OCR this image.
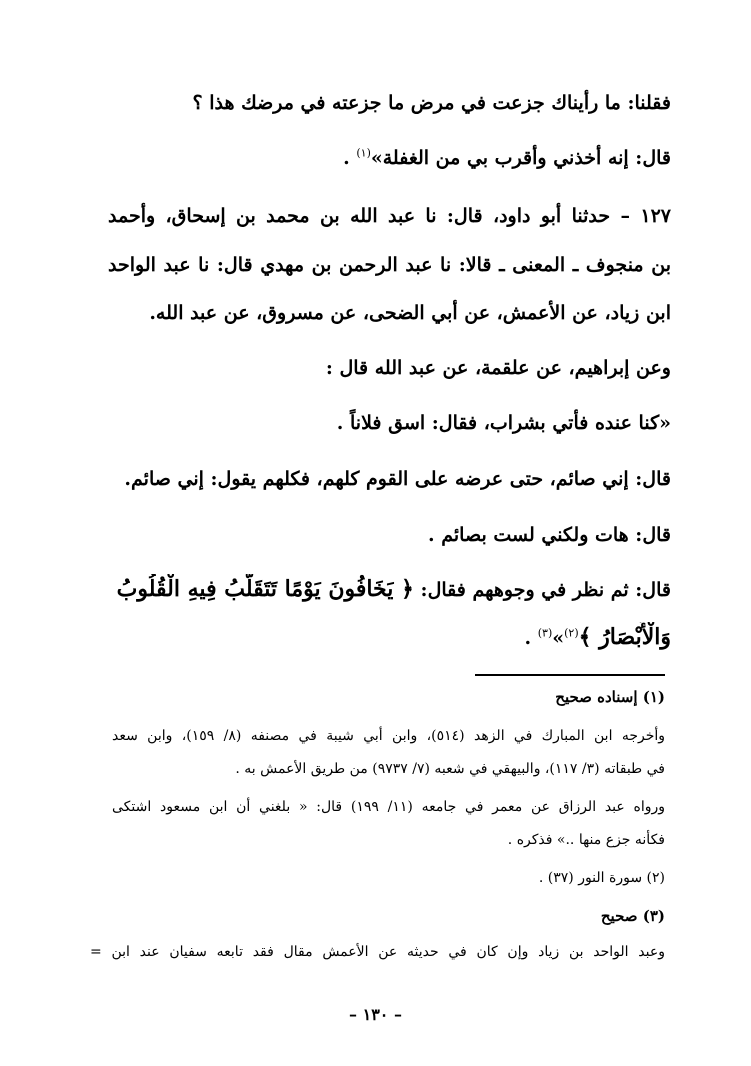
فقلنا: ما رأيناك جزعت في مرض ما جزعته في مرضك هذا ؟
قال: إنه أخذني وأقرب بي من الغفلة»$^{(١)}$ .
١٢٧ – حدثنا أبو داود، قال: نا عبد الله بن محمد بن إسحاق، وأحمد
بن منجوف ـ المعنى ـ قالا: نا عبد الرحمن بن مهدي قال: نا عبد الواحد
ابن زياد، عن الأعمش، عن أبي الضحى، عن مسروق، عن عبد الله.
وعن إبراهيم، عن علقمة، عن عبد الله قال :
«كنا عنده فأتي بشراب، فقال: اسق فلاناً .
قال: إني صائم، حتى عرضه على القوم كلهم، فكلهم يقول: إني صائم.
قال: هات ولكني لست بصائم .
قال: ثم نظر في وجوههم فقال: ﴿ يَخَافُونَ يَوْمًا تَتَقَلَّبُ فِيهِ الْقُلُوبُ
وَالْأَبْصَارُ ﴾$^{(٢)}$»$^{(٣)}$ .
(١) إسناده صحيح
وأخرجه ابن المبارك في الزهد (٥١٤)، وابن أبي شيبة في مصنفه (٨/ ١٥٩)، وابن سعد
في طبقاته (٣/ ١١٧)، والبيهقي في شعبه (٧/ ٩٧٣٧) من طريق الأعمش به .
ورواه عبد الرزاق عن معمر في جامعه (١١/ ١٩٩) قال: « بلغني أن ابن مسعود اشتكى
فكأنه جزع منها ..» فذكره .
(٢) سورة النور (٣٧) .
(٣) صحيح
وعبد الواحد بن زياد وإن كان في حديثه عن الأعمش مقال فقد تابعه سفيان عند ابن =
– ١٣٠ –
